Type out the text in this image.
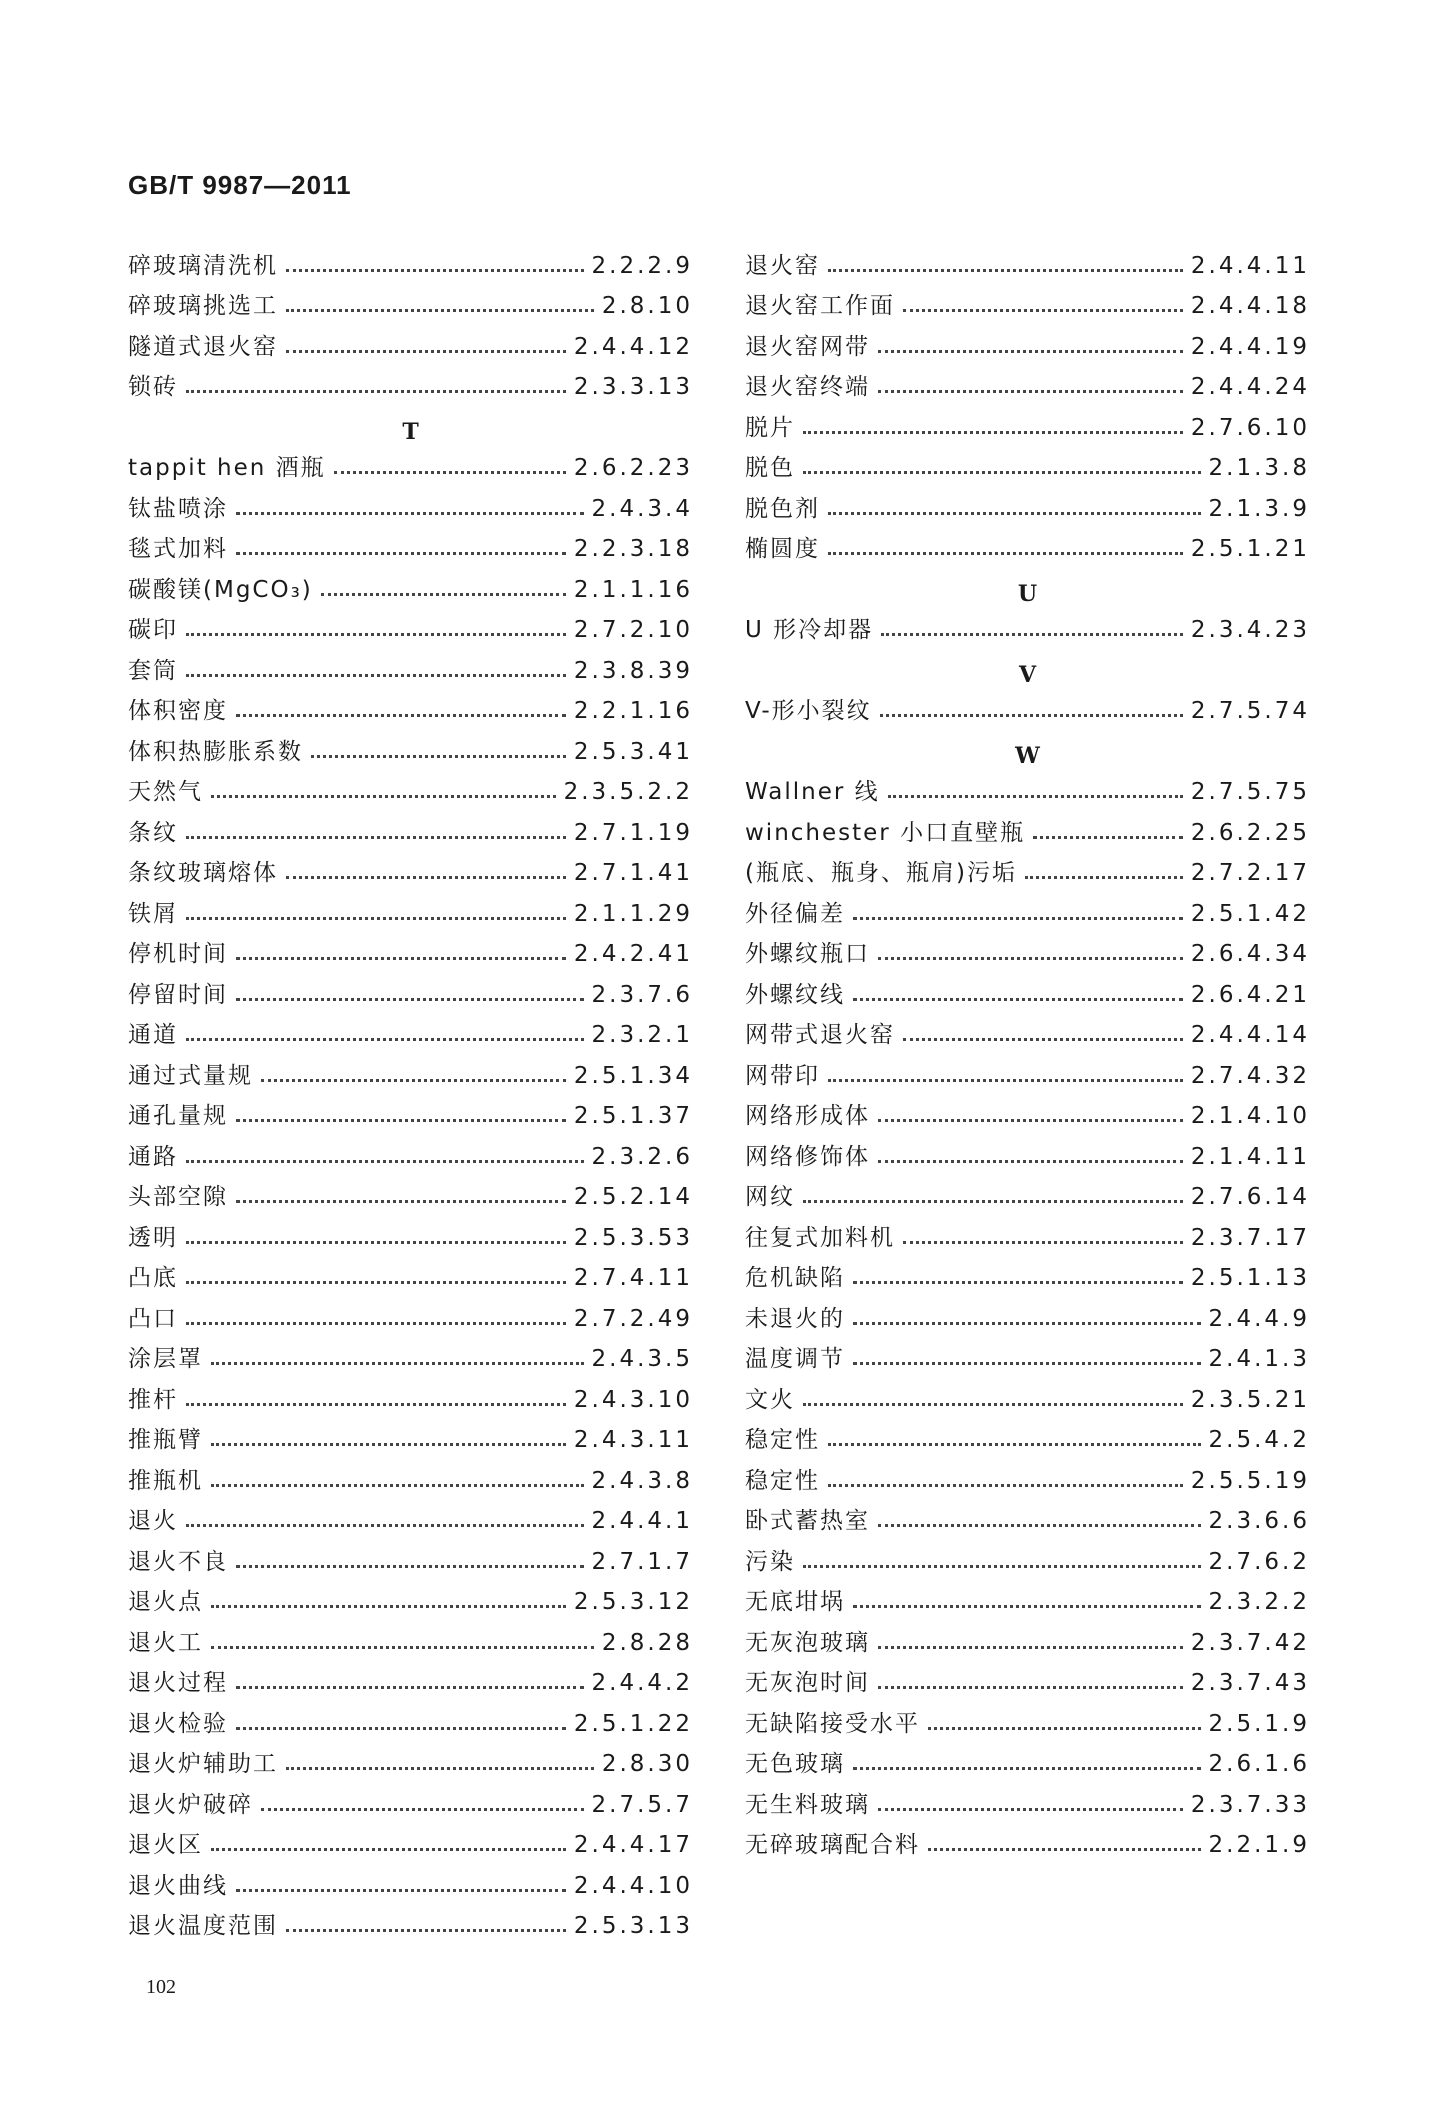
GB/T 9987—2011
碎玻璃清洗机	2.2.2.9
碎玻璃挑选工	2.8.10
隧道式退火窑	2.4.4.12
锁砖	2.3.3.13
T
tappit hen 酒瓶	2.6.2.23
钛盐喷涂	2.4.3.4
毯式加料	2.2.3.18
碳酸镁(MgCO₃)	2.1.1.16
碳印	2.7.2.10
套筒	2.3.8.39
体积密度	2.2.1.16
体积热膨胀系数	2.5.3.41
天然气	2.3.5.2.2
条纹	2.7.1.19
条纹玻璃熔体	2.7.1.41
铁屑	2.1.1.29
停机时间	2.4.2.41
停留时间	2.3.7.6
通道	2.3.2.1
通过式量规	2.5.1.34
通孔量规	2.5.1.37
通路	2.3.2.6
头部空隙	2.5.2.14
透明	2.5.3.53
凸底	2.7.4.11
凸口	2.7.2.49
涂层罩	2.4.3.5
推杆	2.4.3.10
推瓶臂	2.4.3.11
推瓶机	2.4.3.8
退火	2.4.4.1
退火不良	2.7.1.7
退火点	2.5.3.12
退火工	2.8.28
退火过程	2.4.4.2
退火检验	2.5.1.22
退火炉辅助工	2.8.30
退火炉破碎	2.7.5.7
退火区	2.4.4.17
退火曲线	2.4.4.10
退火温度范围	2.5.3.13
退火窑	2.4.4.11
退火窑工作面	2.4.4.18
退火窑网带	2.4.4.19
退火窑终端	2.4.4.24
脱片	2.7.6.10
脱色	2.1.3.8
脱色剂	2.1.3.9
椭圆度	2.5.1.21
U
U 形冷却器	2.3.4.23
V
V-形小裂纹	2.7.5.74
W
Wallner 线	2.7.5.75
winchester 小口直壁瓶	2.6.2.25
(瓶底、瓶身、瓶肩)污垢	2.7.2.17
外径偏差	2.5.1.42
外螺纹瓶口	2.6.4.34
外螺纹线	2.6.4.21
网带式退火窑	2.4.4.14
网带印	2.7.4.32
网络形成体	2.1.4.10
网络修饰体	2.1.4.11
网纹	2.7.6.14
往复式加料机	2.3.7.17
危机缺陷	2.5.1.13
未退火的	2.4.4.9
温度调节	2.4.1.3
文火	2.3.5.21
稳定性	2.5.4.2
稳定性	2.5.5.19
卧式蓄热室	2.3.6.6
污染	2.7.6.2
无底坩埚	2.3.2.2
无灰泡玻璃	2.3.7.42
无灰泡时间	2.3.7.43
无缺陷接受水平	2.5.1.9
无色玻璃	2.6.1.6
无生料玻璃	2.3.7.33
无碎玻璃配合料	2.2.1.9
102
